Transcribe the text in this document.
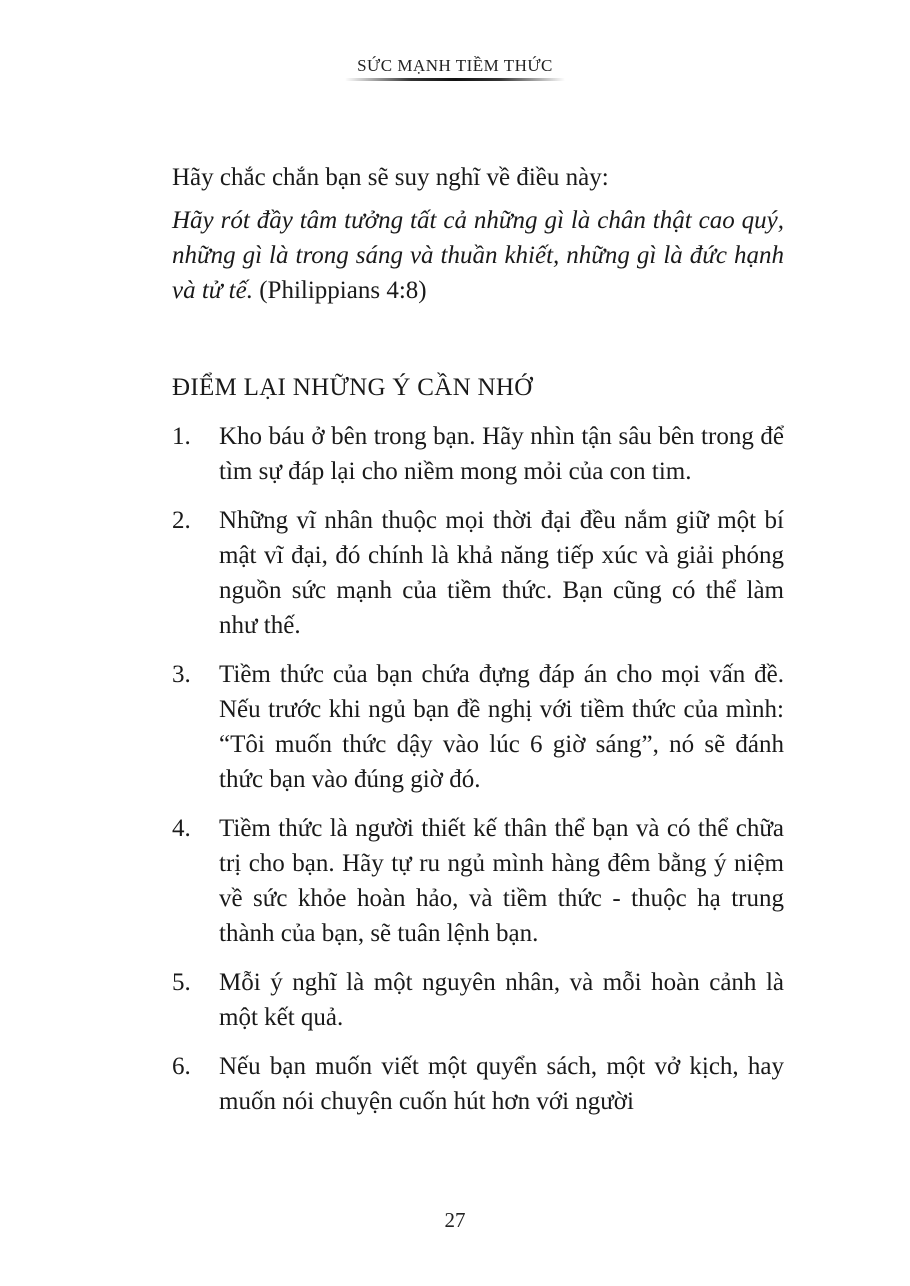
SỨC MẠNH TIỀM THỨC

Hãy chắc chắn bạn sẽ suy nghĩ về điều này:

Hãy rót đầy tâm tưởng tất cả những gì là chân thật cao quý, những gì là trong sáng và thuần khiết, những gì là đức hạnh và tử tế. (Philippians 4:8)

ĐIỂM LẠI NHỮNG Ý CẦN NHỚ
1.	Kho báu ở bên trong bạn. Hãy nhìn tận sâu bên trong để tìm sự đáp lại cho niềm mong mỏi của con tim.
2.	Những vĩ nhân thuộc mọi thời đại đều nắm giữ một bí mật vĩ đại, đó chính là khả năng tiếp xúc và giải phóng nguồn sức mạnh của tiềm thức. Bạn cũng có thể làm như thế.
3.	Tiềm thức của bạn chứa đựng đáp án cho mọi vấn đề. Nếu trước khi ngủ bạn đề nghị với tiềm thức của mình: “Tôi muốn thức dậy vào lúc 6 giờ sáng”, nó sẽ đánh thức bạn vào đúng giờ đó.
4.	Tiềm thức là người thiết kế thân thể bạn và có thể chữa trị cho bạn. Hãy tự ru ngủ mình hàng đêm bằng ý niệm về sức khỏe hoàn hảo, và tiềm thức - thuộc hạ trung thành của bạn, sẽ tuân lệnh bạn.
5.	Mỗi ý nghĩ là một nguyên nhân, và mỗi hoàn cảnh là một kết quả.
6.	Nếu bạn muốn viết một quyển sách, một vở kịch, hay muốn nói chuyện cuốn hút hơn với người
27
